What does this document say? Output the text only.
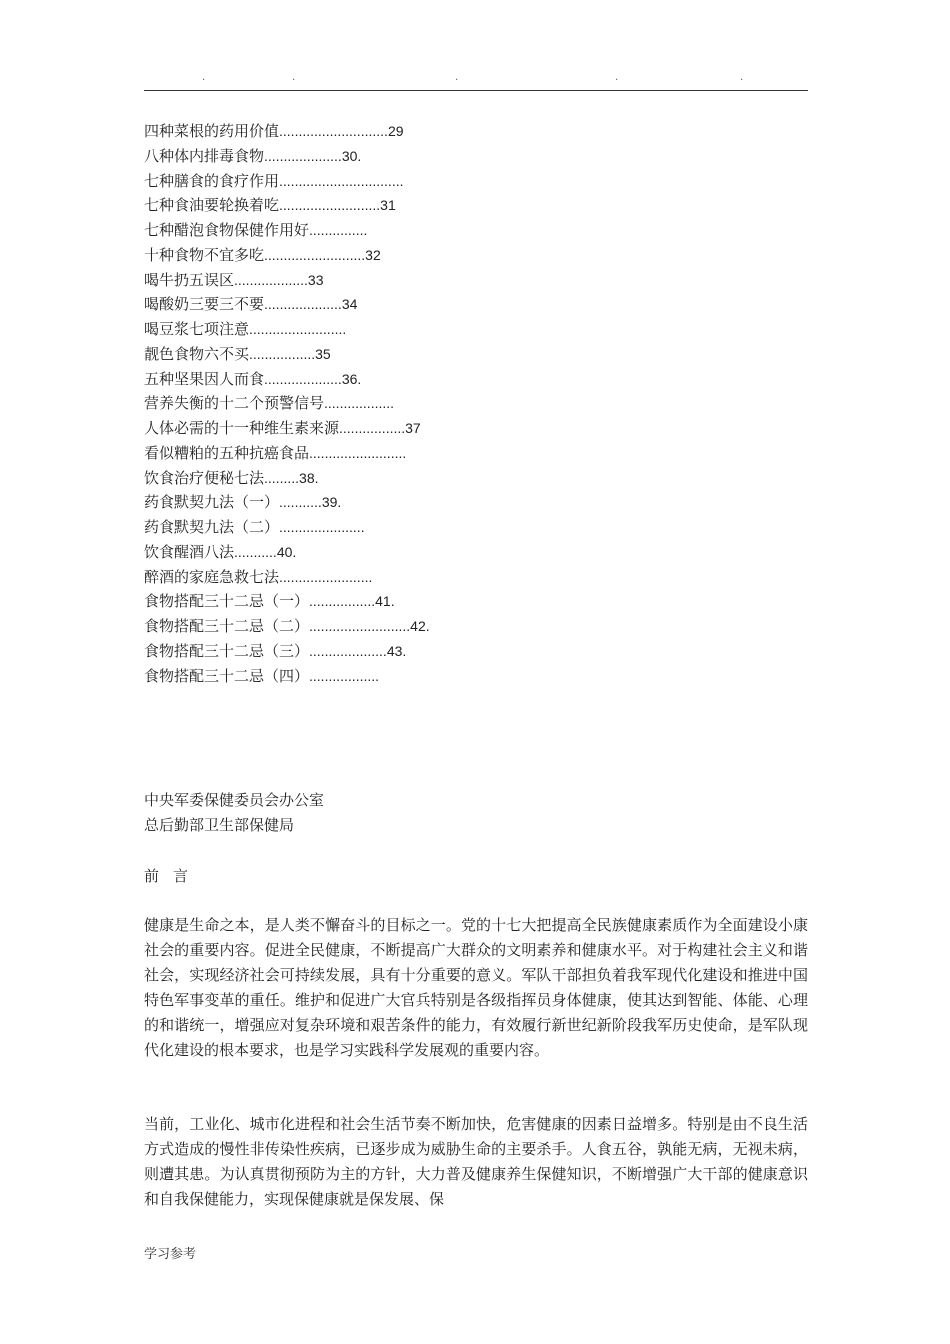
.	.	.	.	.
四种菜根的药用价值............................29
八种体内排毒食物....................30.
七种膳食的食疗作用................................
七种食油要轮换着吃..........................31
七种醋泡食物保健作用好...............
十种食物不宜多吃..........................32
喝牛扔五误区...................33
喝酸奶三要三不要....................34
喝豆浆七项注意.........................
靓色食物六不买.................35
五种坚果因人而食....................36.
营养失衡的十二个预警信号..................
人体必需的十一种维生素来源.................37
看似糟粕的五种抗癌食品.........................
饮食治疗便秘七法.........38.
药食默契九法（一）...........39.
药食默契九法（二）......................
饮食醒酒八法...........40.
醉酒的家庭急救七法........................
食物搭配三十二忌（一）.................41.
食物搭配三十二忌（二）..........................42.
食物搭配三十二忌（三）....................43.
食物搭配三十二忌（四）..................
中央军委保健委员会办公室
总后勤部卫生部保健局
前言

健康是生命之本，是人类不懈奋斗的目标之一。党的十七大把提高全民族健康素质作为全面建设小康社会的重要内容。促进全民健康，不断提高广大群众的文明素养和健康水平。对于构建社会主义和谐社会，实现经济社会可持续发展，具有十分重要的意义。军队干部担负着我军现代化建设和推进中国特色军事变革的重任。维护和促进广大官兵特别是各级指挥员身体健康，使其达到智能、体能、心理的和谐统一，增强应对复杂环境和艰苦条件的能力，有效履行新世纪新阶段我军历史使命，是军队现代化建设的根本要求，也是学习实践科学发展观的重要内容。

当前，工业化、城市化进程和社会生活节奏不断加快，危害健康的因素日益增多。特别是由不良生活方式造成的慢性非传染性疾病，已逐步成为威胁生命的主要杀手。人食五谷，孰能无病，无视未病，则遭其患。为认真贯彻预防为主的方针，大力普及健康养生保健知识，不断增强广大干部的健康意识和自我保健能力，实现保健康就是保发展、保

学习参考
